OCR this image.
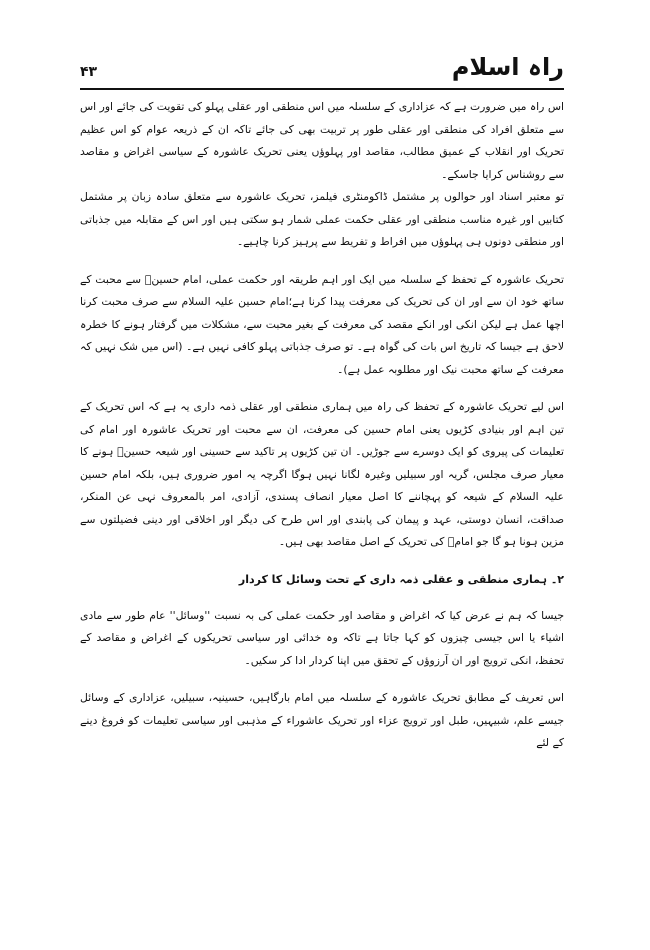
۴۳	راہ اسلام

اس راہ میں ضرورت ہے کہ عزاداری کے سلسلہ میں اس منطقی اور عقلی پہلو کی تقویت کی جائے اور اس سے متعلق افراد کی منطقی اور عقلی طور پر تربیت بھی کی جائے تاکہ ان کے ذریعہ عوام کو اس عظیم تحریک اور انقلاب کے عمیق مطالب، مقاصد اور پہلوؤں یعنی تحریک عاشورہ کے سیاسی اغراض و مقاصد سے روشناس کرایا جاسکے۔

تو معتبر اسناد اور حوالوں پر مشتمل ڈاکومنٹری فیلمز، تحریک عاشورہ سے متعلق سادہ زبان پر مشتمل کتابیں اور غیرہ مناسب منطقی اور عقلی حکمت عملی شمار ہو سکتی ہیں اور اس کے مقابلہ میں جذباتی اور منطقی دونوں ہی پہلوؤں میں افراط و تفریط سے پرہیز کرنا چاہیے۔

تحریک عاشورہ کے تحفظ کے سلسلہ میں ایک اور اہم طریقہ اور حکمت عملی، امام حسینؑ سے محبت کے ساتھ خود ان سے اور ان کی تحریک کی معرفت پیدا کرنا ہے؛امام حسین علیہ السلام سے صرف محبت کرنا اچھا عمل ہے لیکن انکی اور انکے مقصد کی معرفت کے بغیر محبت سے، مشکلات میں گرفتار ہونے کا خطرہ لاحق ہے جیسا کہ تاریخ اس بات کی گواہ ہے۔ تو صرف جذباتی پہلو کافی نہیں ہے۔ (اس میں شک نہیں کہ معرفت کے ساتھ محبت نیک اور مطلوبہ عمل ہے)۔

اس لیے تحریک عاشورہ کے تحفظ کی راہ میں ہماری منطقی اور عقلی ذمہ داری یہ ہے کہ اس تحریک کے تین اہم اور بنیادی کڑیوں یعنی امام حسین کی معرفت، ان سے محبت اور تحریک عاشورہ اور امام کی تعلیمات کی پیروی کو ایک دوسرے سے جوڑیں۔ ان تین کڑیوں پر تاکید سے حسینی اور شیعہ حسینؑ ہونے کا معیار صرف مجلس، گریہ اور سبیلیں وغیرہ لگانا نہیں ہوگا اگرچہ یہ امور ضروری ہیں، بلکہ امام حسین علیہ السلام کے شیعہ کو پہچاننے کا اصل معیار انصاف پسندی، آزادی، امر بالمعروف نہی عن المنکر، صداقت، انسان دوستی، عہد و پیمان کی پابندی اور اس طرح کی دیگر اور اخلاقی اور دینی فضیلتوں سے مزین ہونا ہو گا جو امامؑ کی تحریک کے اصل مقاصد بھی ہیں۔

۲۔ ہماری منطقی و عقلی ذمہ داری کے تحت وسائل کا کردار

جیسا کہ ہم نے عرض کیا کہ اغراض و مقاصد اور حکمت عملی کی بہ نسبت ''وسائل'' عام طور سے مادی اشیاء یا اس جیسی چیزوں کو کہا جاتا ہے تاکہ وہ خدائی اور سیاسی تحریکوں کے اغراض و مقاصد کے تحفظ، انکی ترویج اور ان آرزوؤں کے تحقق میں اپنا کردار ادا کر سکیں۔

اس تعریف کے مطابق تحریک عاشورہ کے سلسلہ میں امام بارگاہیں، حسینیہ، سبیلیں، عزاداری کے وسائل جیسے علم، شبیہیں، طبل اور ترویج عزاء اور تحریک عاشوراء کے مذہبی اور سیاسی تعلیمات کو فروغ دینے کے لئے
